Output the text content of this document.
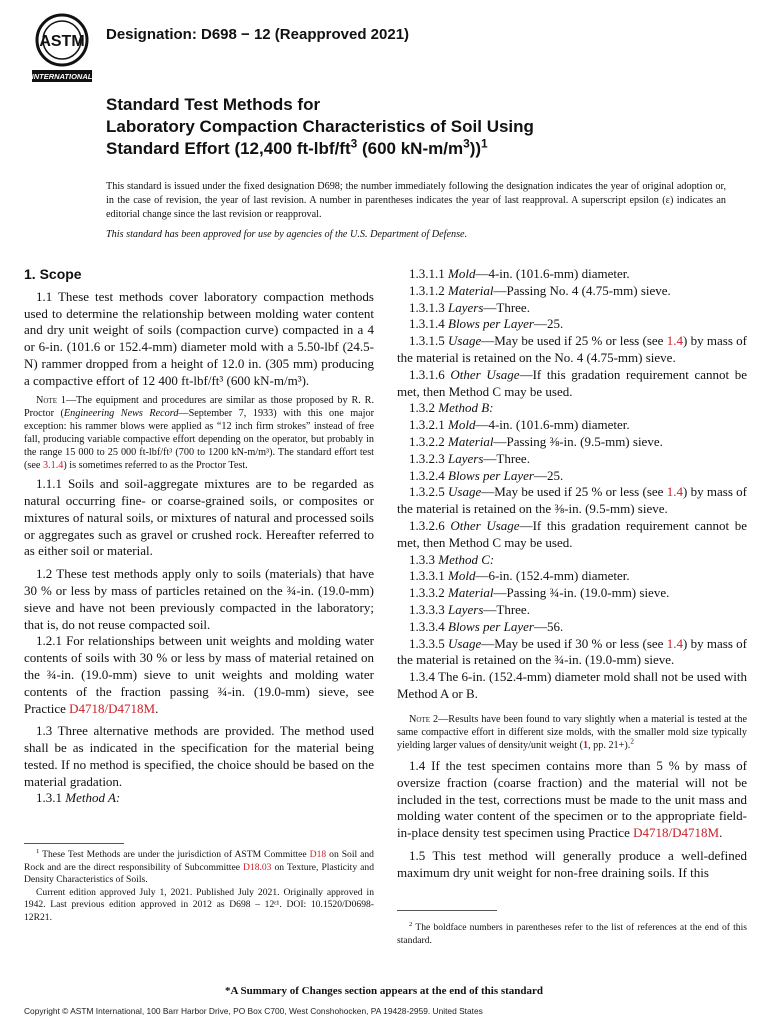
ASTM
INTERNATIONAL
Designation: D698 − 12 (Reapproved 2021)
Standard Test Methods for
Laboratory Compaction Characteristics of Soil Using
Standard Effort (12,400 $ft-lbf/ft^3$ (600 $kN-m/m^3))^1$
This standard is issued under the fixed designation D698; the number immediately following the designation indicates the year of original adoption or, in the case of revision, the year of last revision. A number in parentheses indicates the year of last reapproval. A superscript epsilon (ε) indicates an editorial change since the last revision or reapproval.
This standard has been approved for use by agencies of the U.S. Department of Defense.

1. Scope

1.1 These test methods cover laboratory compaction methods used to determine the relationship between molding water content and dry unit weight of soils (compaction curve) compacted in a 4 or 6-in. (101.6 or 152.4-mm) diameter mold with a 5.50-lbf (24.5-N) rammer dropped from a height of 12.0 in. (305 mm) producing a compactive effort of 12 400 ft-lbf/ft³ (600 kN-m/m³).

Note 1—The equipment and procedures are similar as those proposed by R. R. Proctor (Engineering News Record—September 7, 1933) with this one major exception: his rammer blows were applied as “12 inch firm strokes” instead of free fall, producing variable compactive effort depending on the operator, but probably in the range 15 000 to 25 000 ft-lbf/ft³ (700 to 1200 kN-m/m³). The standard effort test (see 3.1.4) is sometimes referred to as the Proctor Test.

1.1.1 Soils and soil-aggregate mixtures are to be regarded as natural occurring fine- or coarse-grained soils, or composites or mixtures of natural soils, or mixtures of natural and processed soils or aggregates such as gravel or crushed rock. Hereafter referred to as either soil or material.

1.2 These test methods apply only to soils (materials) that have 30 % or less by mass of particles retained on the ¾-in. (19.0-mm) sieve and have not been previously compacted in the laboratory; that is, do not reuse compacted soil.

1.2.1 For relationships between unit weights and molding water contents of soils with 30 % or less by mass of material retained on the ¾-in. (19.0-mm) sieve to unit weights and molding water contents of the fraction passing ¾-in. (19.0-mm) sieve, see Practice D4718/D4718M.

1.3 Three alternative methods are provided. The method used shall be as indicated in the specification for the material being tested. If no method is specified, the choice should be based on the material gradation.

1.3.1 Method A:

1.3.1.1 Mold—4-in. (101.6-mm) diameter.

1.3.1.2 Material—Passing No. 4 (4.75-mm) sieve.

1.3.1.3 Layers—Three.

1.3.1.4 Blows per Layer—25.

1.3.1.5 Usage—May be used if 25 % or less (see 1.4) by mass of the material is retained on the No. 4 (4.75-mm) sieve.

1.3.1.6 Other Usage—If this gradation requirement cannot be met, then Method C may be used.

1.3.2 Method B:

1.3.2.1 Mold—4-in. (101.6-mm) diameter.

1.3.2.2 Material—Passing ⅜-in. (9.5-mm) sieve.

1.3.2.3 Layers—Three.

1.3.2.4 Blows per Layer—25.

1.3.2.5 Usage—May be used if 25 % or less (see 1.4) by mass of the material is retained on the ⅜-in. (9.5-mm) sieve.

1.3.2.6 Other Usage—If this gradation requirement cannot be met, then Method C may be used.

1.3.3 Method C:

1.3.3.1 Mold—6-in. (152.4-mm) diameter.

1.3.3.2 Material—Passing ¾-in. (19.0-mm) sieve.

1.3.3.3 Layers—Three.

1.3.3.4 Blows per Layer—56.

1.3.3.5 Usage—May be used if 30 % or less (see 1.4) by mass of the material is retained on the ¾-in. (19.0-mm) sieve.

1.3.4 The 6-in. (152.4-mm) diameter mold shall not be used with Method A or B.

Note 2—Results have been found to vary slightly when a material is tested at the same compactive effort in different size molds, with the smaller mold size typically yielding larger values of density/unit weight (1, pp. 21+).$^2$

1.4 If the test specimen contains more than 5 % by mass of oversize fraction (coarse fraction) and the material will not be included in the test, corrections must be made to the unit mass and molding water content of the specimen or to the appropriate field-in-place density test specimen using Practice D4718/D4718M.

1.5 This test method will generally produce a well-defined maximum dry unit weight for non-free draining soils. If this

$^1$ These Test Methods are under the jurisdiction of ASTM Committee D18 on Soil and Rock and are the direct responsibility of Subcommittee D18.03 on Texture, Plasticity and Density Characteristics of Soils.

Current edition approved July 1, 2021. Published July 2021. Originally approved in 1942. Last previous edition approved in 2012 as D698 – 12ᵋ¹. DOI: 10.1520/D0698-12R21.

$^2$ The boldface numbers in parentheses refer to the list of references at the end of this standard.

*A Summary of Changes section appears at the end of this standard
Copyright © ASTM International, 100 Barr Harbor Drive, PO Box C700, West Conshohocken, PA 19428-2959. United States
